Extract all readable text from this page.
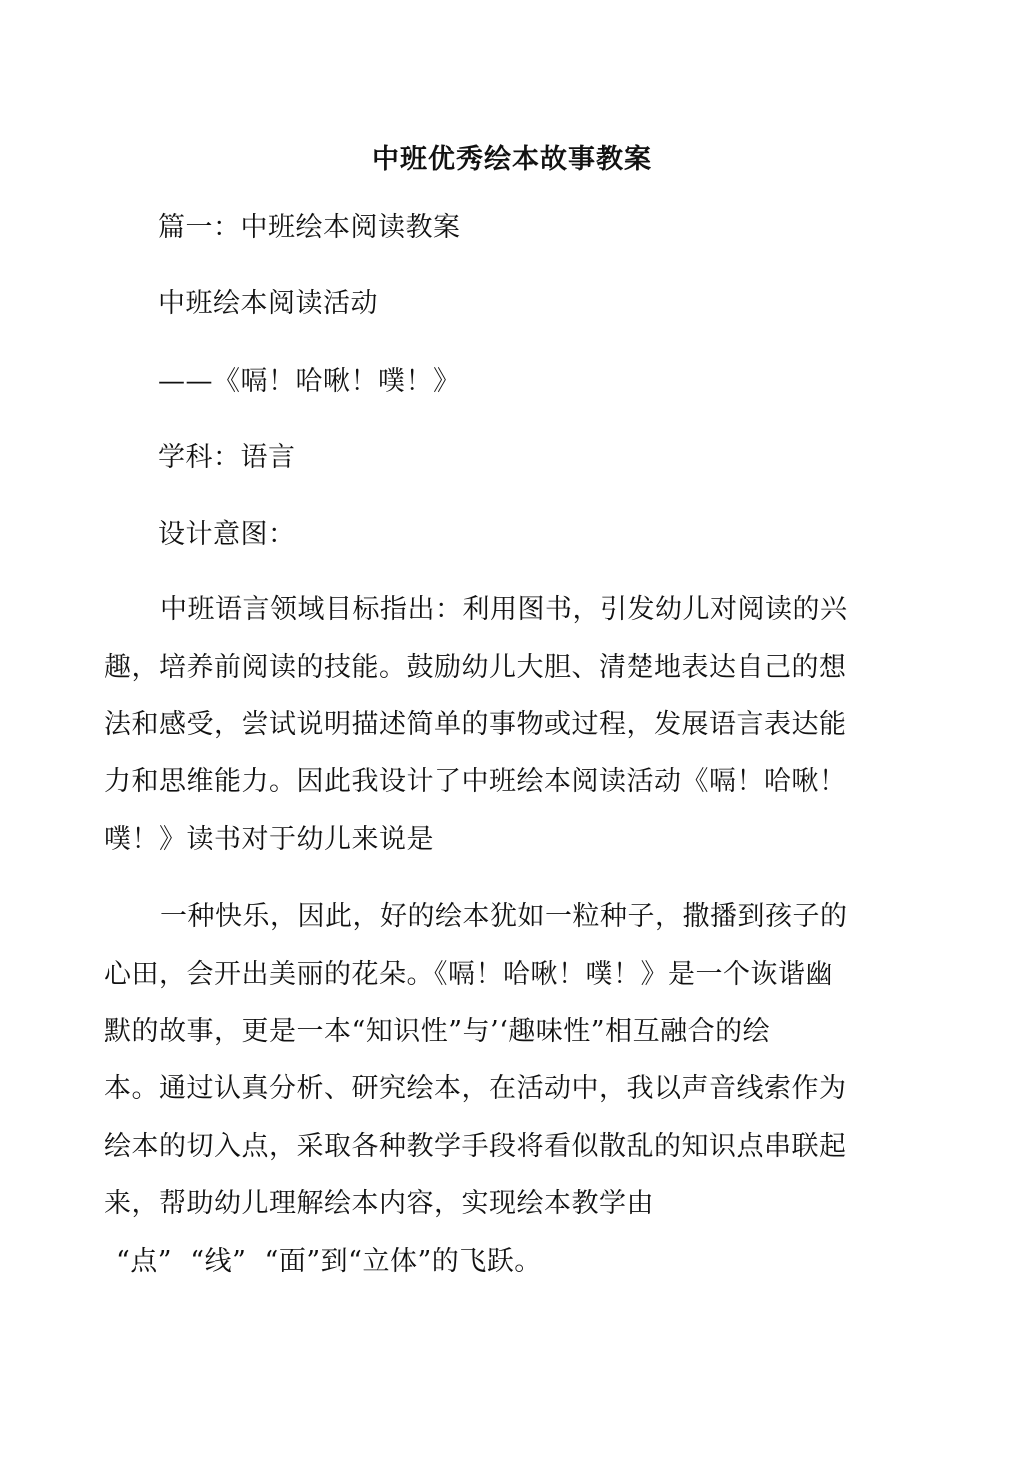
中班优秀绘本故事教案
篇一：中班绘本阅读教案
中班绘本阅读活动
——《嗝！哈啾！噗！》
学科：语言
设计意图：
中班语言领域目标指出：利用图书，引发幼儿对阅读的兴
趣，培养前阅读的技能。鼓励幼儿大胆、清楚地表达自己的想
法和感受，尝试说明描述简单的事物或过程，发展语言表达能
力和思维能力。因此我设计了中班绘本阅读活动《嗝！哈啾！
噗！》读书对于幼儿来说是
一种快乐，因此，好的绘本犹如一粒种子，撒播到孩子的
心田，会开出美丽的花朵。《嗝！哈啾！噗！》是一个诙谐幽
默的故事，更是一本“知识性”与’‘趣味性”相互融合的绘
本。通过认真分析、研究绘本，在活动中，我以声音线索作为
绘本的切入点，采取各种教学手段将看似散乱的知识点串联起
来，帮助幼儿理解绘本内容，实现绘本教学由
“点”  “线”  “面”到“立体”的飞跃。
